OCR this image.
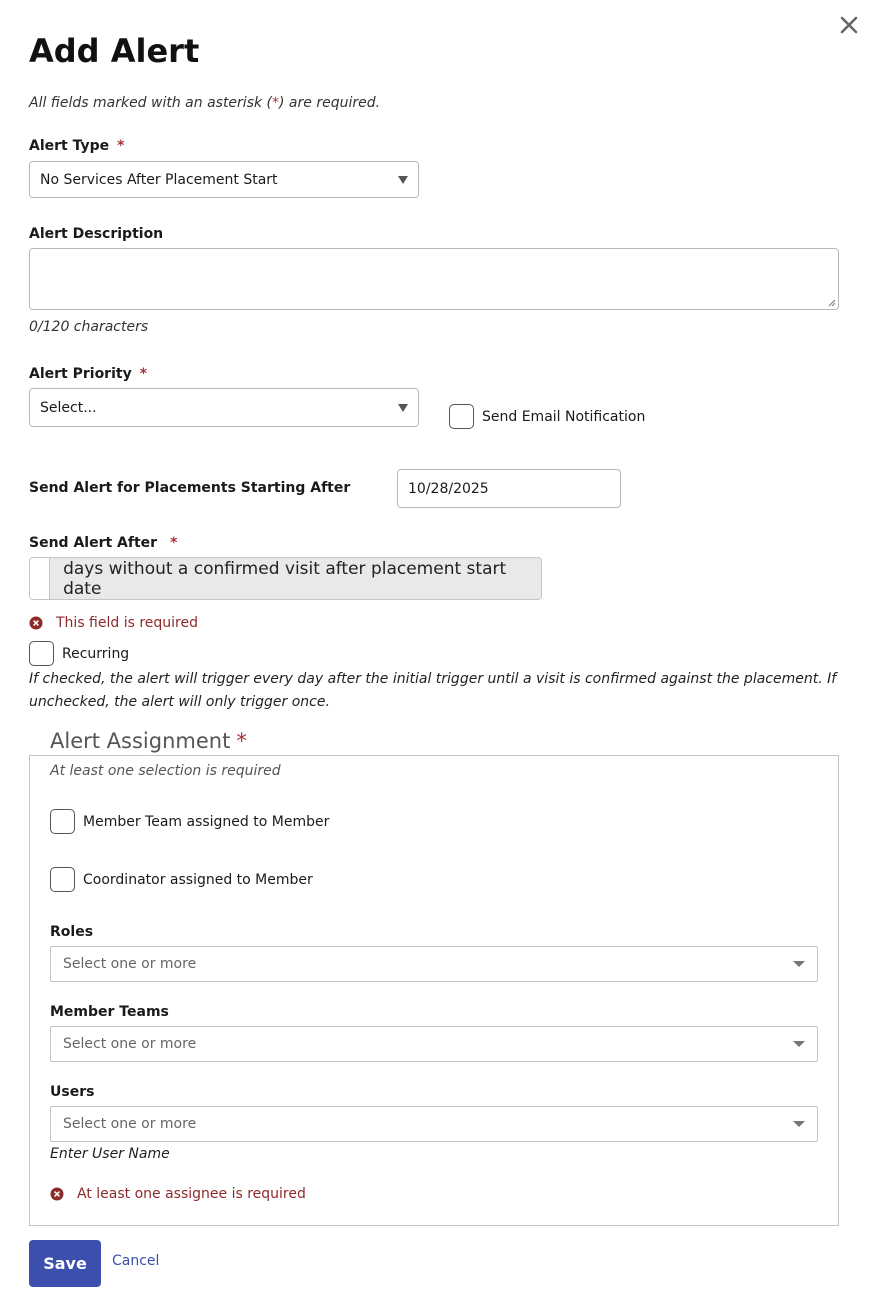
Add Alert
All fields marked with an asterisk (*) are required.
Alert Type *
No Services After Placement Start
Alert Description
0/120 characters
Alert Priority *
Select...
Send Email Notification
Send Alert for Placements Starting After	10/28/2025
Send Alert After *
days without a confirmed visit after placement start date
This field is required
Recurring
If checked, the alert will trigger every day after the initial trigger until a visit is confirmed against the placement. If unchecked, the alert will only trigger once.
Alert Assignment *
At least one selection is required
Member Team assigned to Member
Coordinator assigned to Member
Roles
Select one or more
Member Teams
Select one or more
Users
Select one or more
Enter User Name
At least one assignee is required
Save	Cancel
